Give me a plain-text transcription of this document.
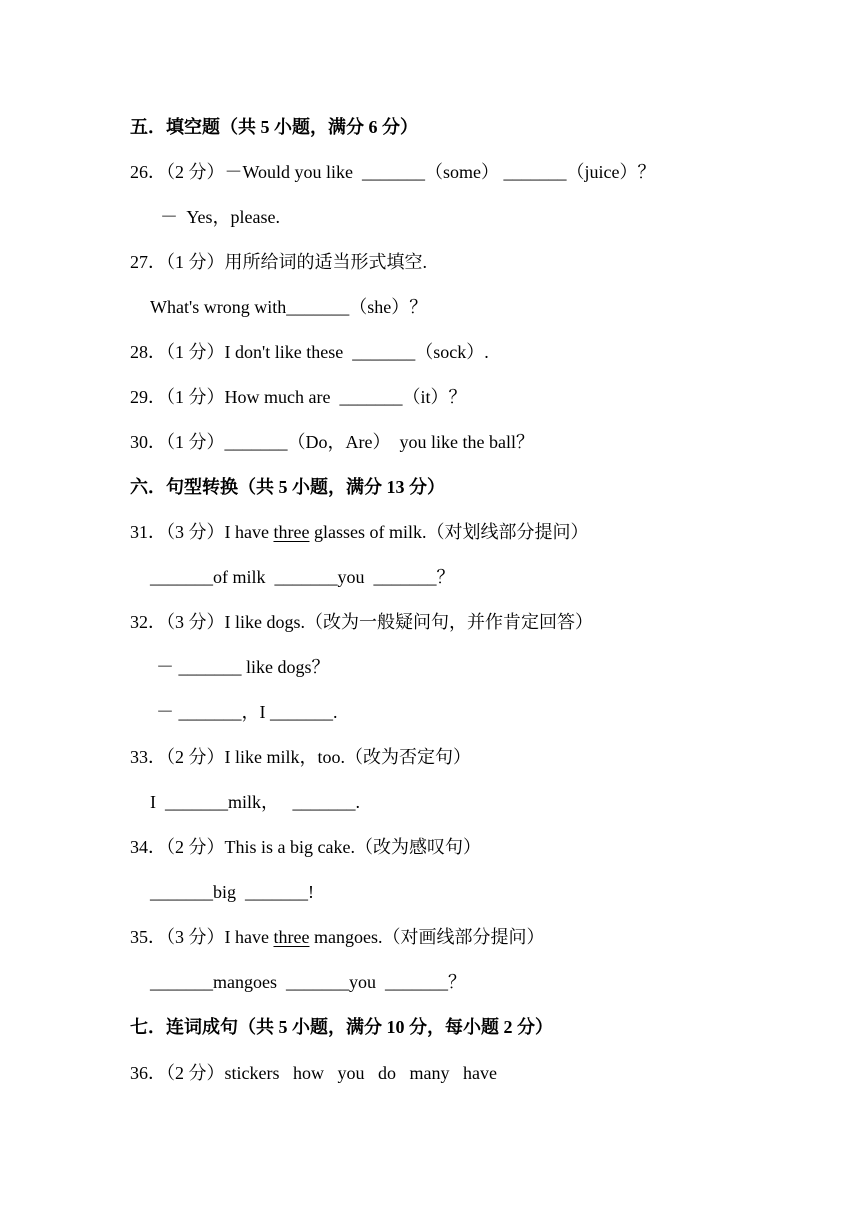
五．填空题（共 5 小题，满分 6 分）
26．（2 分）－Would you like  _______（some） _______（juice）？
－  Yes，please.
27．（1 分）用所给词的适当形式填空.
What's wrong with_______（she）？
28．（1 分）I don't like these  _______（sock）.
29．（1 分）How much are  _______（it）？
30．（1 分）_______（Do，Are）  you like the ball？
六．句型转换（共 5 小题，满分 13 分）
31．（3 分）I have three glasses of milk.（对划线部分提问）
_______of milk  _______you  _______？
32．（3 分）I like dogs.（改为一般疑问句，并作肯定回答）
－ _______ like dogs？
－ _______，I _______.
33．（2 分）I like milk，too.（改为否定句）
I  _______milk，   _______.
34．（2 分）This is a big cake.（改为感叹句）
_______big  _______!
35．（3 分）I have three mangoes.（对画线部分提问）
_______mangoes  _______you  _______？
七．连词成句（共 5 小题，满分 10 分，每小题 2 分）
36．（2 分）stickers   how   you   do   many   have
